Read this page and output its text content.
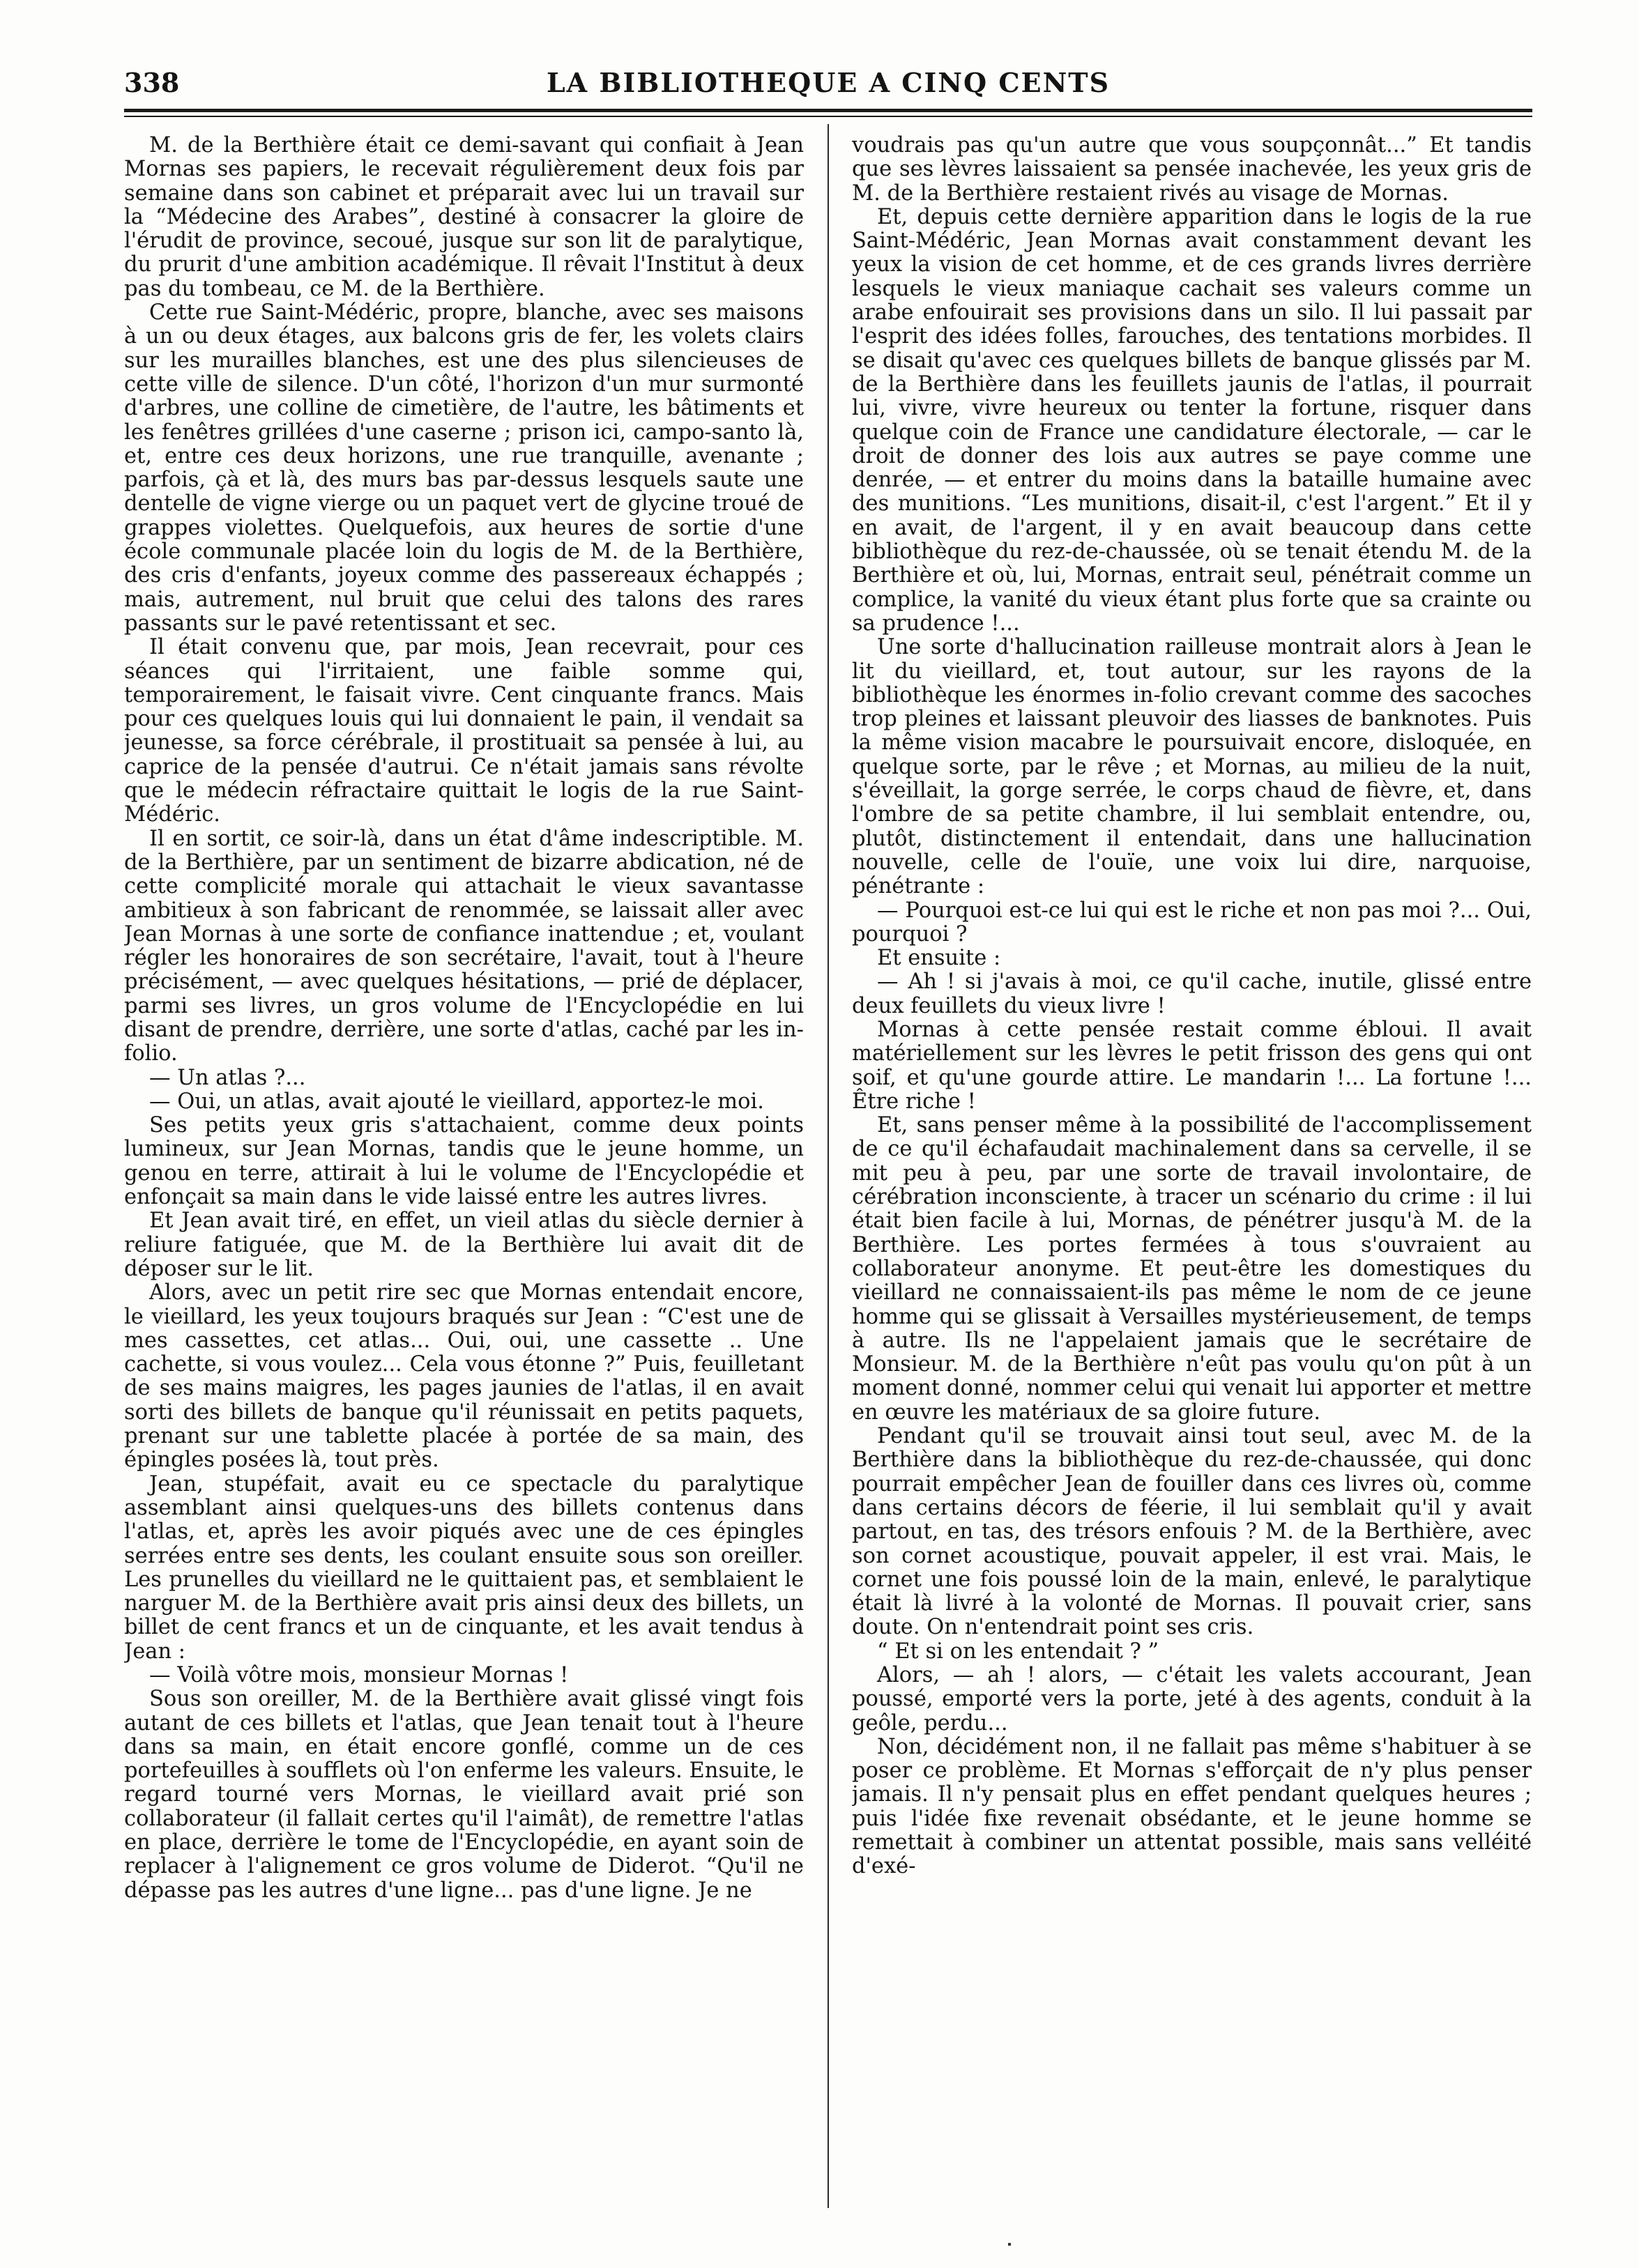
338	LA BIBLIOTHEQUE A CINQ CENTS

M. de la Berthière était ce demi-savant qui confiait à Jean Mornas ses papiers, le recevait régulièrement deux fois par semaine dans son cabinet et préparait avec lui un travail sur la “Médecine des Arabes”, destiné à consacrer la gloire de l'érudit de province, secoué, jusque sur son lit de paralytique, du prurit d'une ambition académique. Il rêvait l'Institut à deux pas du tombeau, ce M. de la Berthière.

Cette rue Saint-Médéric, propre, blanche, avec ses maisons à un ou deux étages, aux balcons gris de fer, les volets clairs sur les murailles blanches, est une des plus silencieuses de cette ville de silence. D'un côté, l'horizon d'un mur surmonté d'arbres, une colline de cimetière, de l'autre, les bâtiments et les fenêtres grillées d'une caserne ; prison ici, campo-santo là, et, entre ces deux horizons, une rue tranquille, avenante ; parfois, çà et là, des murs bas par-dessus lesquels saute une dentelle de vigne vierge ou un paquet vert de glycine troué de grappes violettes. Quelquefois, aux heures de sortie d'une école communale placée loin du logis de M. de la Berthière, des cris d'enfants, joyeux comme des passereaux échappés ; mais, autrement, nul bruit que celui des talons des rares passants sur le pavé retentissant et sec.

Il était convenu que, par mois, Jean recevrait, pour ces séances qui l'irritaient, une faible somme qui, temporairement, le faisait vivre. Cent cinquante francs. Mais pour ces quelques louis qui lui donnaient le pain, il vendait sa jeunesse, sa force cérébrale, il prostituait sa pensée à lui, au caprice de la pensée d'autrui. Ce n'était jamais sans révolte que le médecin réfractaire quittait le logis de la rue Saint-Médéric.

Il en sortit, ce soir-là, dans un état d'âme indescriptible. M. de la Berthière, par un sentiment de bizarre abdication, né de cette complicité morale qui attachait le vieux savantasse ambitieux à son fabricant de renommée, se laissait aller avec Jean Mornas à une sorte de confiance inattendue ; et, voulant régler les honoraires de son secrétaire, l'avait, tout à l'heure précisément, — avec quelques hésitations, — prié de déplacer, parmi ses livres, un gros volume de l'Encyclopédie en lui disant de prendre, derrière, une sorte d'atlas, caché par les in-folio.

— Un atlas ?...

— Oui, un atlas, avait ajouté le vieillard, apportez-le moi.

Ses petits yeux gris s'attachaient, comme deux points lumineux, sur Jean Mornas, tandis que le jeune homme, un genou en terre, attirait à lui le volume de l'Encyclopédie et enfonçait sa main dans le vide laissé entre les autres livres.

Et Jean avait tiré, en effet, un vieil atlas du siècle dernier à reliure fatiguée, que M. de la Berthière lui avait dit de déposer sur le lit.

Alors, avec un petit rire sec que Mornas entendait encore, le vieillard, les yeux toujours braqués sur Jean : “C'est une de mes cassettes, cet atlas... Oui, oui, une cassette .. Une cachette, si vous voulez... Cela vous étonne ?” Puis, feuilletant de ses mains maigres, les pages jaunies de l'atlas, il en avait sorti des billets de banque qu'il réunissait en petits paquets, prenant sur une tablette placée à portée de sa main, des épingles posées là, tout près.

Jean, stupéfait, avait eu ce spectacle du paralytique assemblant ainsi quelques-uns des billets contenus dans l'atlas, et, après les avoir piqués avec une de ces épingles serrées entre ses dents, les coulant ensuite sous son oreiller. Les prunelles du vieillard ne le quittaient pas, et semblaient le narguer M. de la Berthière avait pris ainsi deux des billets, un billet de cent francs et un de cinquante, et les avait tendus à Jean :

— Voilà vôtre mois, monsieur Mornas !

Sous son oreiller, M. de la Berthière avait glissé vingt fois autant de ces billets et l'atlas, que Jean tenait tout à l'heure dans sa main, en était encore gonflé, comme un de ces portefeuilles à soufflets où l'on enferme les valeurs. Ensuite, le regard tourné vers Mornas, le vieillard avait prié son collaborateur (il fallait certes qu'il l'aimât), de remettre l'atlas en place, derrière le tome de l'Encyclopédie, en ayant soin de replacer à l'alignement ce gros volume de Diderot. “Qu'il ne dépasse pas les autres d'une ligne... pas d'une ligne. Je ne

voudrais pas qu'un autre que vous soupçonnât...” Et tandis que ses lèvres laissaient sa pensée inachevée, les yeux gris de M. de la Berthière restaient rivés au visage de Mornas.

Et, depuis cette dernière apparition dans le logis de la rue Saint-Médéric, Jean Mornas avait constamment devant les yeux la vision de cet homme, et de ces grands livres derrière lesquels le vieux maniaque cachait ses valeurs comme un arabe enfouirait ses provisions dans un silo. Il lui passait par l'esprit des idées folles, farouches, des tentations morbides. Il se disait qu'avec ces quelques billets de banque glissés par M. de la Berthière dans les feuillets jaunis de l'atlas, il pourrait lui, vivre, vivre heureux ou tenter la fortune, risquer dans quelque coin de France une candidature électorale, — car le droit de donner des lois aux autres se paye comme une denrée, — et entrer du moins dans la bataille humaine avec des munitions. “Les munitions, disait-il, c'est l'argent.” Et il y en avait, de l'argent, il y en avait beaucoup dans cette bibliothèque du rez-de-chaussée, où se tenait étendu M. de la Berthière et où, lui, Mornas, entrait seul, pénétrait comme un complice, la vanité du vieux étant plus forte que sa crainte ou sa prudence !...

Une sorte d'hallucination railleuse montrait alors à Jean le lit du vieillard, et, tout autour, sur les rayons de la bibliothèque les énormes in-folio crevant comme des sacoches trop pleines et laissant pleuvoir des liasses de banknotes. Puis la même vision macabre le poursuivait encore, disloquée, en quelque sorte, par le rêve ; et Mornas, au milieu de la nuit, s'éveillait, la gorge serrée, le corps chaud de fièvre, et, dans l'ombre de sa petite chambre, il lui semblait entendre, ou, plutôt, distinctement il entendait, dans une hallucination nouvelle, celle de l'ouïe, une voix lui dire, narquoise, pénétrante :

— Pourquoi est-ce lui qui est le riche et non pas moi ?... Oui, pourquoi ?

Et ensuite :

— Ah ! si j'avais à moi, ce qu'il cache, inutile, glissé entre deux feuillets du vieux livre !

Mornas à cette pensée restait comme ébloui. Il avait matériellement sur les lèvres le petit frisson des gens qui ont soif, et qu'une gourde attire. Le mandarin !... La fortune !... Être riche !

Et, sans penser même à la possibilité de l'accomplissement de ce qu'il échafaudait machinalement dans sa cervelle, il se mit peu à peu, par une sorte de travail involontaire, de cérébration inconsciente, à tracer un scénario du crime : il lui était bien facile à lui, Mornas, de pénétrer jusqu'à M. de la Berthière. Les portes fermées à tous s'ouvraient au collaborateur anonyme. Et peut-être les domestiques du vieillard ne connaissaient-ils pas même le nom de ce jeune homme qui se glissait à Versailles mystérieusement, de temps à autre. Ils ne l'appelaient jamais que le secrétaire de Monsieur. M. de la Berthière n'eût pas voulu qu'on pût à un moment donné, nommer celui qui venait lui apporter et mettre en œuvre les matériaux de sa gloire future.

Pendant qu'il se trouvait ainsi tout seul, avec M. de la Berthière dans la bibliothèque du rez-de-chaussée, qui donc pourrait empêcher Jean de fouiller dans ces livres où, comme dans certains décors de féerie, il lui semblait qu'il y avait partout, en tas, des trésors enfouis ? M. de la Berthière, avec son cornet acoustique, pouvait appeler, il est vrai. Mais, le cornet une fois poussé loin de la main, enlevé, le paralytique était là livré à la volonté de Mornas. Il pouvait crier, sans doute. On n'entendrait point ses cris.

“ Et si on les entendait ? ”

Alors, — ah ! alors, — c'était les valets accourant, Jean poussé, emporté vers la porte, jeté à des agents, conduit à la geôle, perdu...

Non, décidément non, il ne fallait pas même s'habituer à se poser ce problème. Et Mornas s'efforçait de n'y plus penser jamais. Il n'y pensait plus en effet pendant quelques heures ; puis l'idée fixe revenait obsédante, et le jeune homme se remettait à combiner un attentat possible, mais sans velléité d'exé-
